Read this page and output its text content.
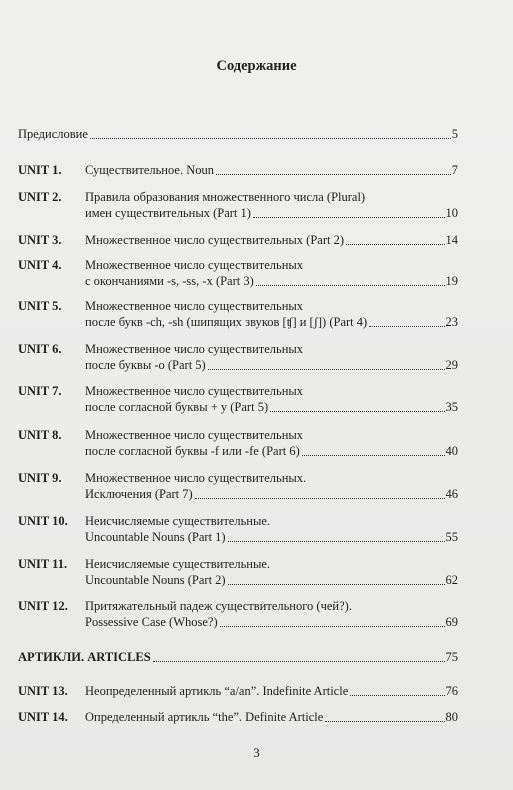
Содержание
Предисловие	5
UNIT 1.	Существительное. Noun	7
UNIT 2.	Правила образования множественного числа (Plural)
имен существительных (Part 1)	10
UNIT 3.	Множественное число существительных (Part 2)	14
UNIT 4.	Множественное число существительных
с окончаниями -s, -ss, -x (Part 3)	19
UNIT 5.	Множественное число существительных
после букв -ch, -sh (шипящих звуков [ʧ] и [ʃ]) (Part 4)	23
UNIT 6.	Множественное число существительных
после буквы -o (Part 5)	29
UNIT 7.	Множественное число существительных
после согласной буквы + y (Part 5)	35
UNIT 8.	Множественное число существительных
после согласной буквы -f или -fe (Part 6)	40
UNIT 9.	Множественное число существительных.
Исключения (Part 7)	46
UNIT 10.	Неисчисляемые существительные.
Uncountable Nouns (Part 1)	55
UNIT 11.	Неисчисляемые существительные.
Uncountable Nouns (Part 2)	62
UNIT 12.	Притяжательный падеж существительного (чей?).
Possessive Case (Whose?)	69
АРТИКЛИ. ARTICLES	75
UNIT 13.	Неопределенный артикль “a/an”. Indefinite Article	76
UNIT 14.	Определенный артикль “the”. Definite Article	80
3
